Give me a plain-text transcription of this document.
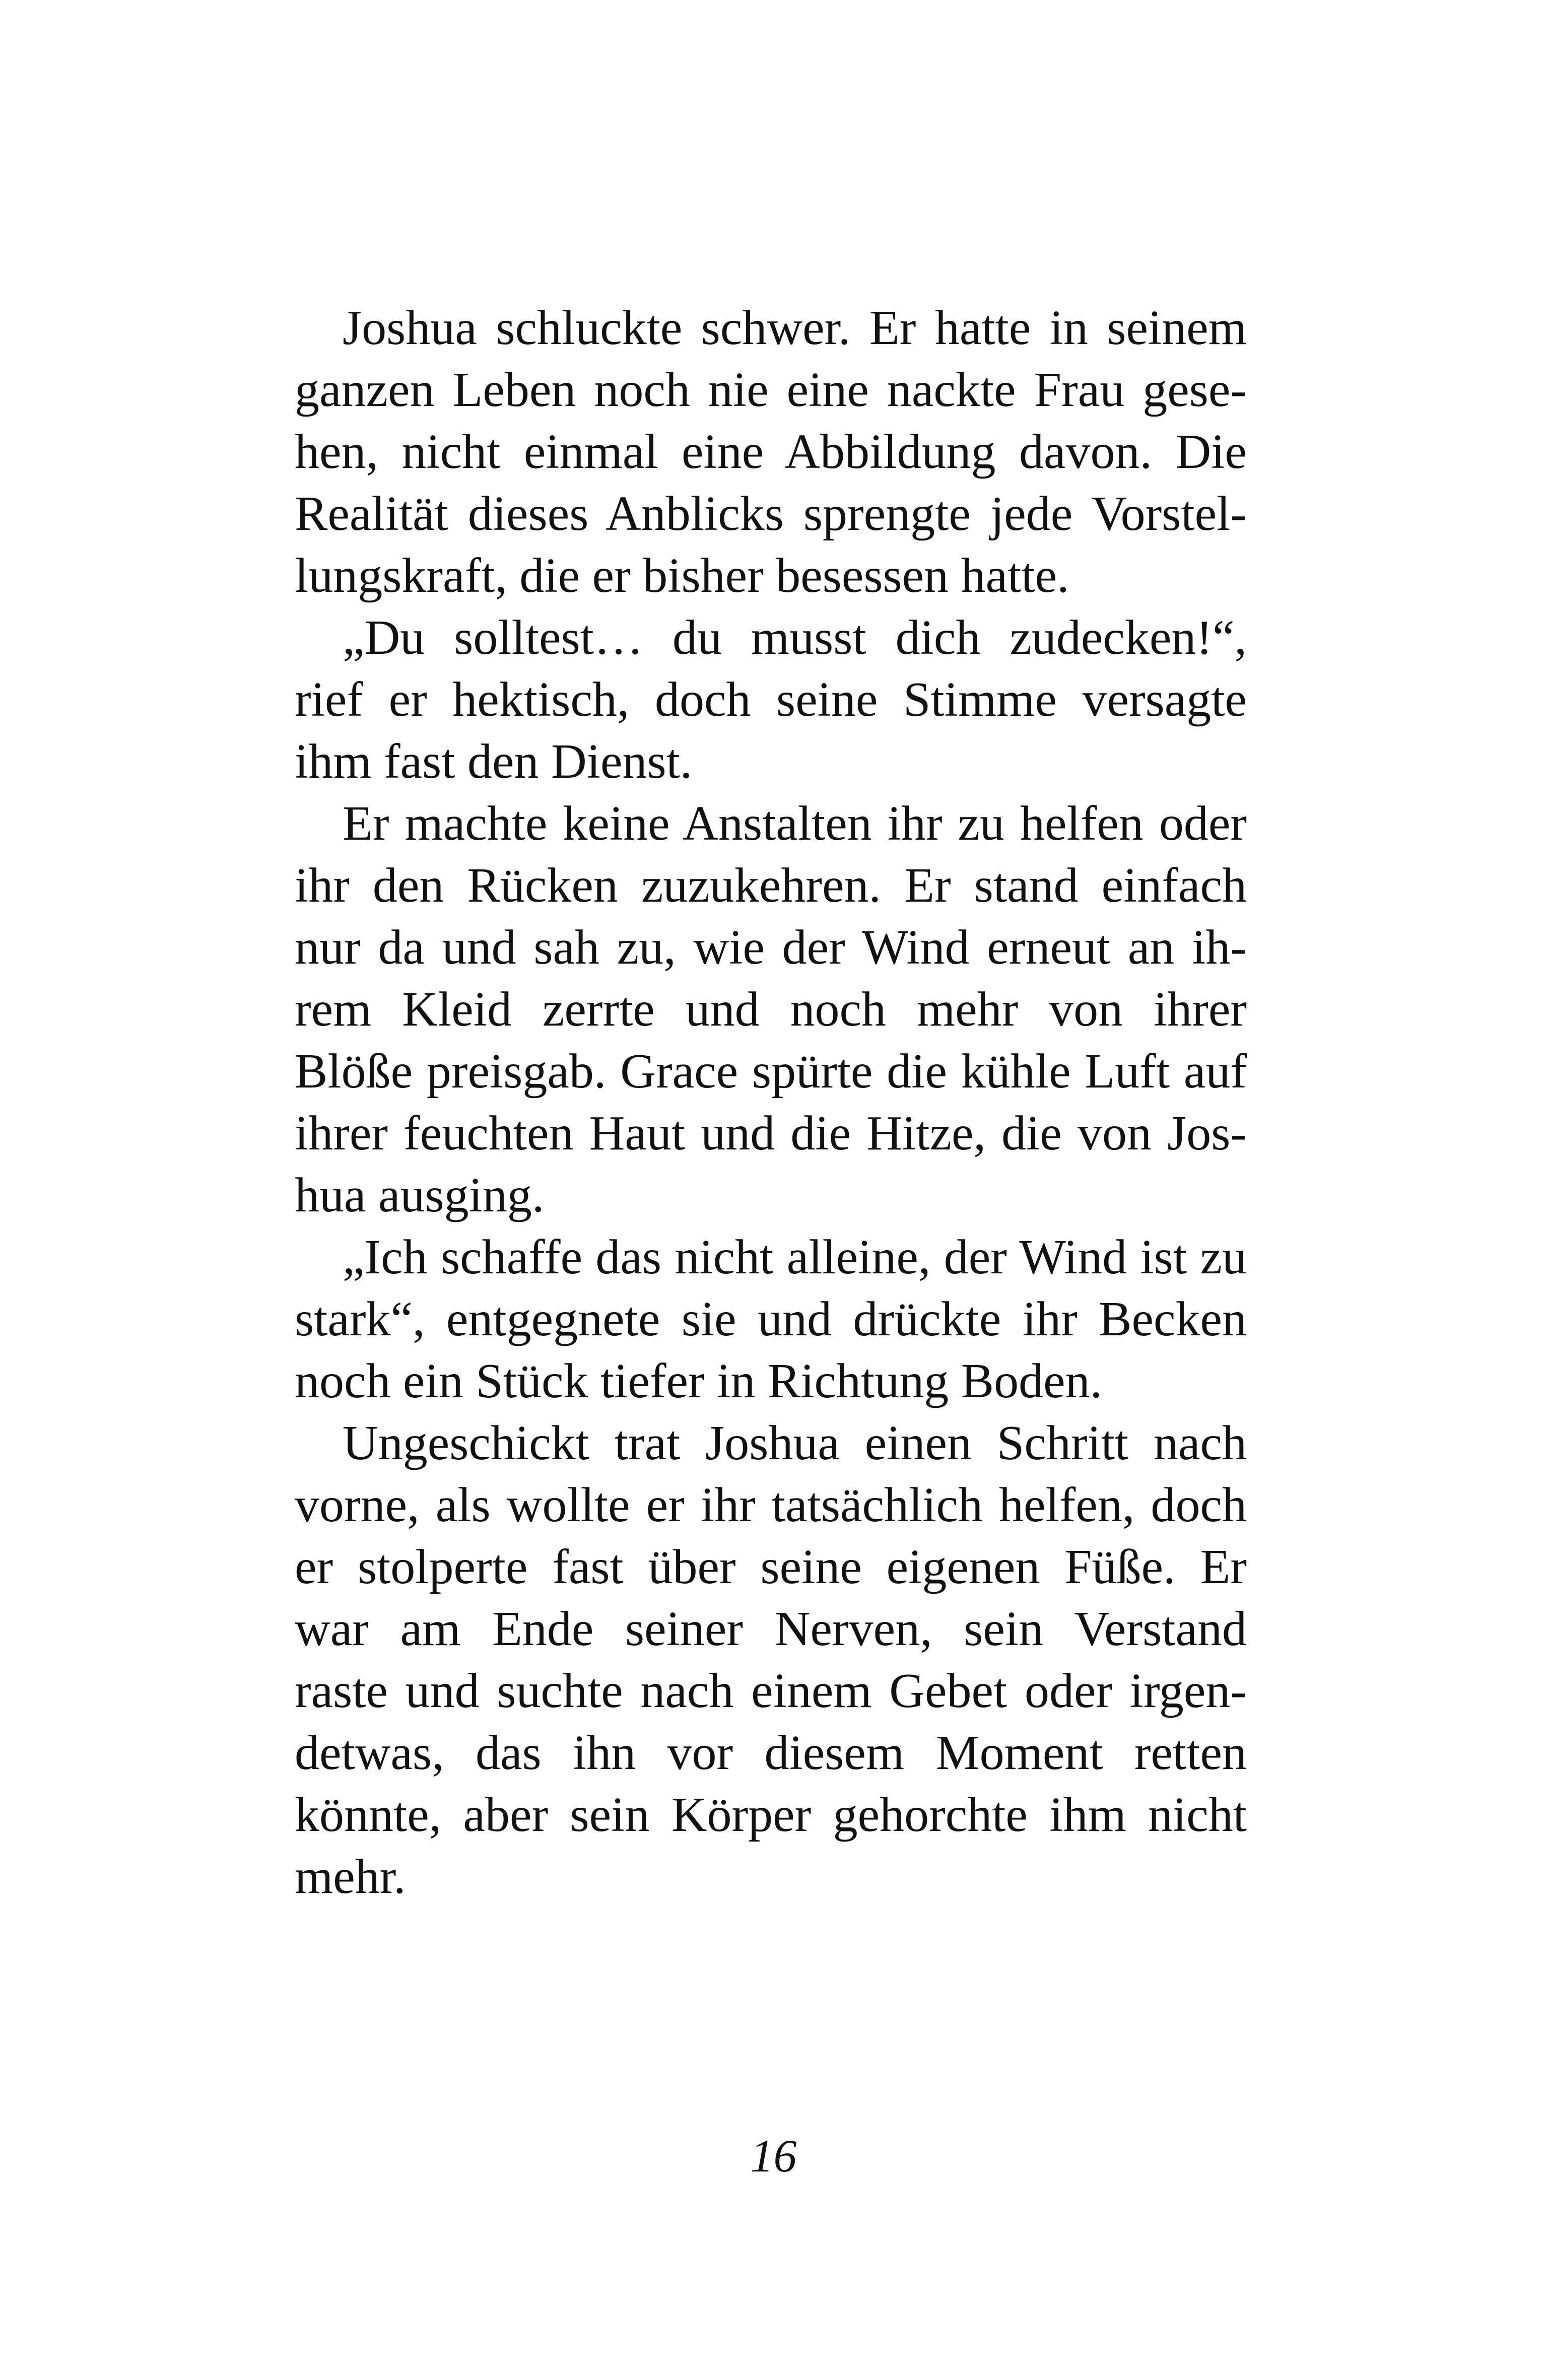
Joshua schluckte schwer. Er hatte in seinem
ganzen Leben noch nie eine nackte Frau gese-
hen, nicht einmal eine Abbildung davon. Die
Realität dieses Anblicks sprengte jede Vorstel-
lungskraft, die er bisher besessen hatte.
„Du solltest… du musst dich zudecken!“,
rief er hektisch, doch seine Stimme versagte
ihm fast den Dienst.
Er machte keine Anstalten ihr zu helfen oder
ihr den Rücken zuzukehren. Er stand einfach
nur da und sah zu, wie der Wind erneut an ih-
rem Kleid zerrte und noch mehr von ihrer
Blöße preisgab. Grace spürte die kühle Luft auf
ihrer feuchten Haut und die Hitze, die von Jos-
hua ausging.
„Ich schaffe das nicht alleine, der Wind ist zu
stark“, entgegnete sie und drückte ihr Becken
noch ein Stück tiefer in Richtung Boden.
Ungeschickt trat Joshua einen Schritt nach
vorne, als wollte er ihr tatsächlich helfen, doch
er stolperte fast über seine eigenen Füße. Er
war am Ende seiner Nerven, sein Verstand
raste und suchte nach einem Gebet oder irgen-
detwas, das ihn vor diesem Moment retten
könnte, aber sein Körper gehorchte ihm nicht
mehr.
16
